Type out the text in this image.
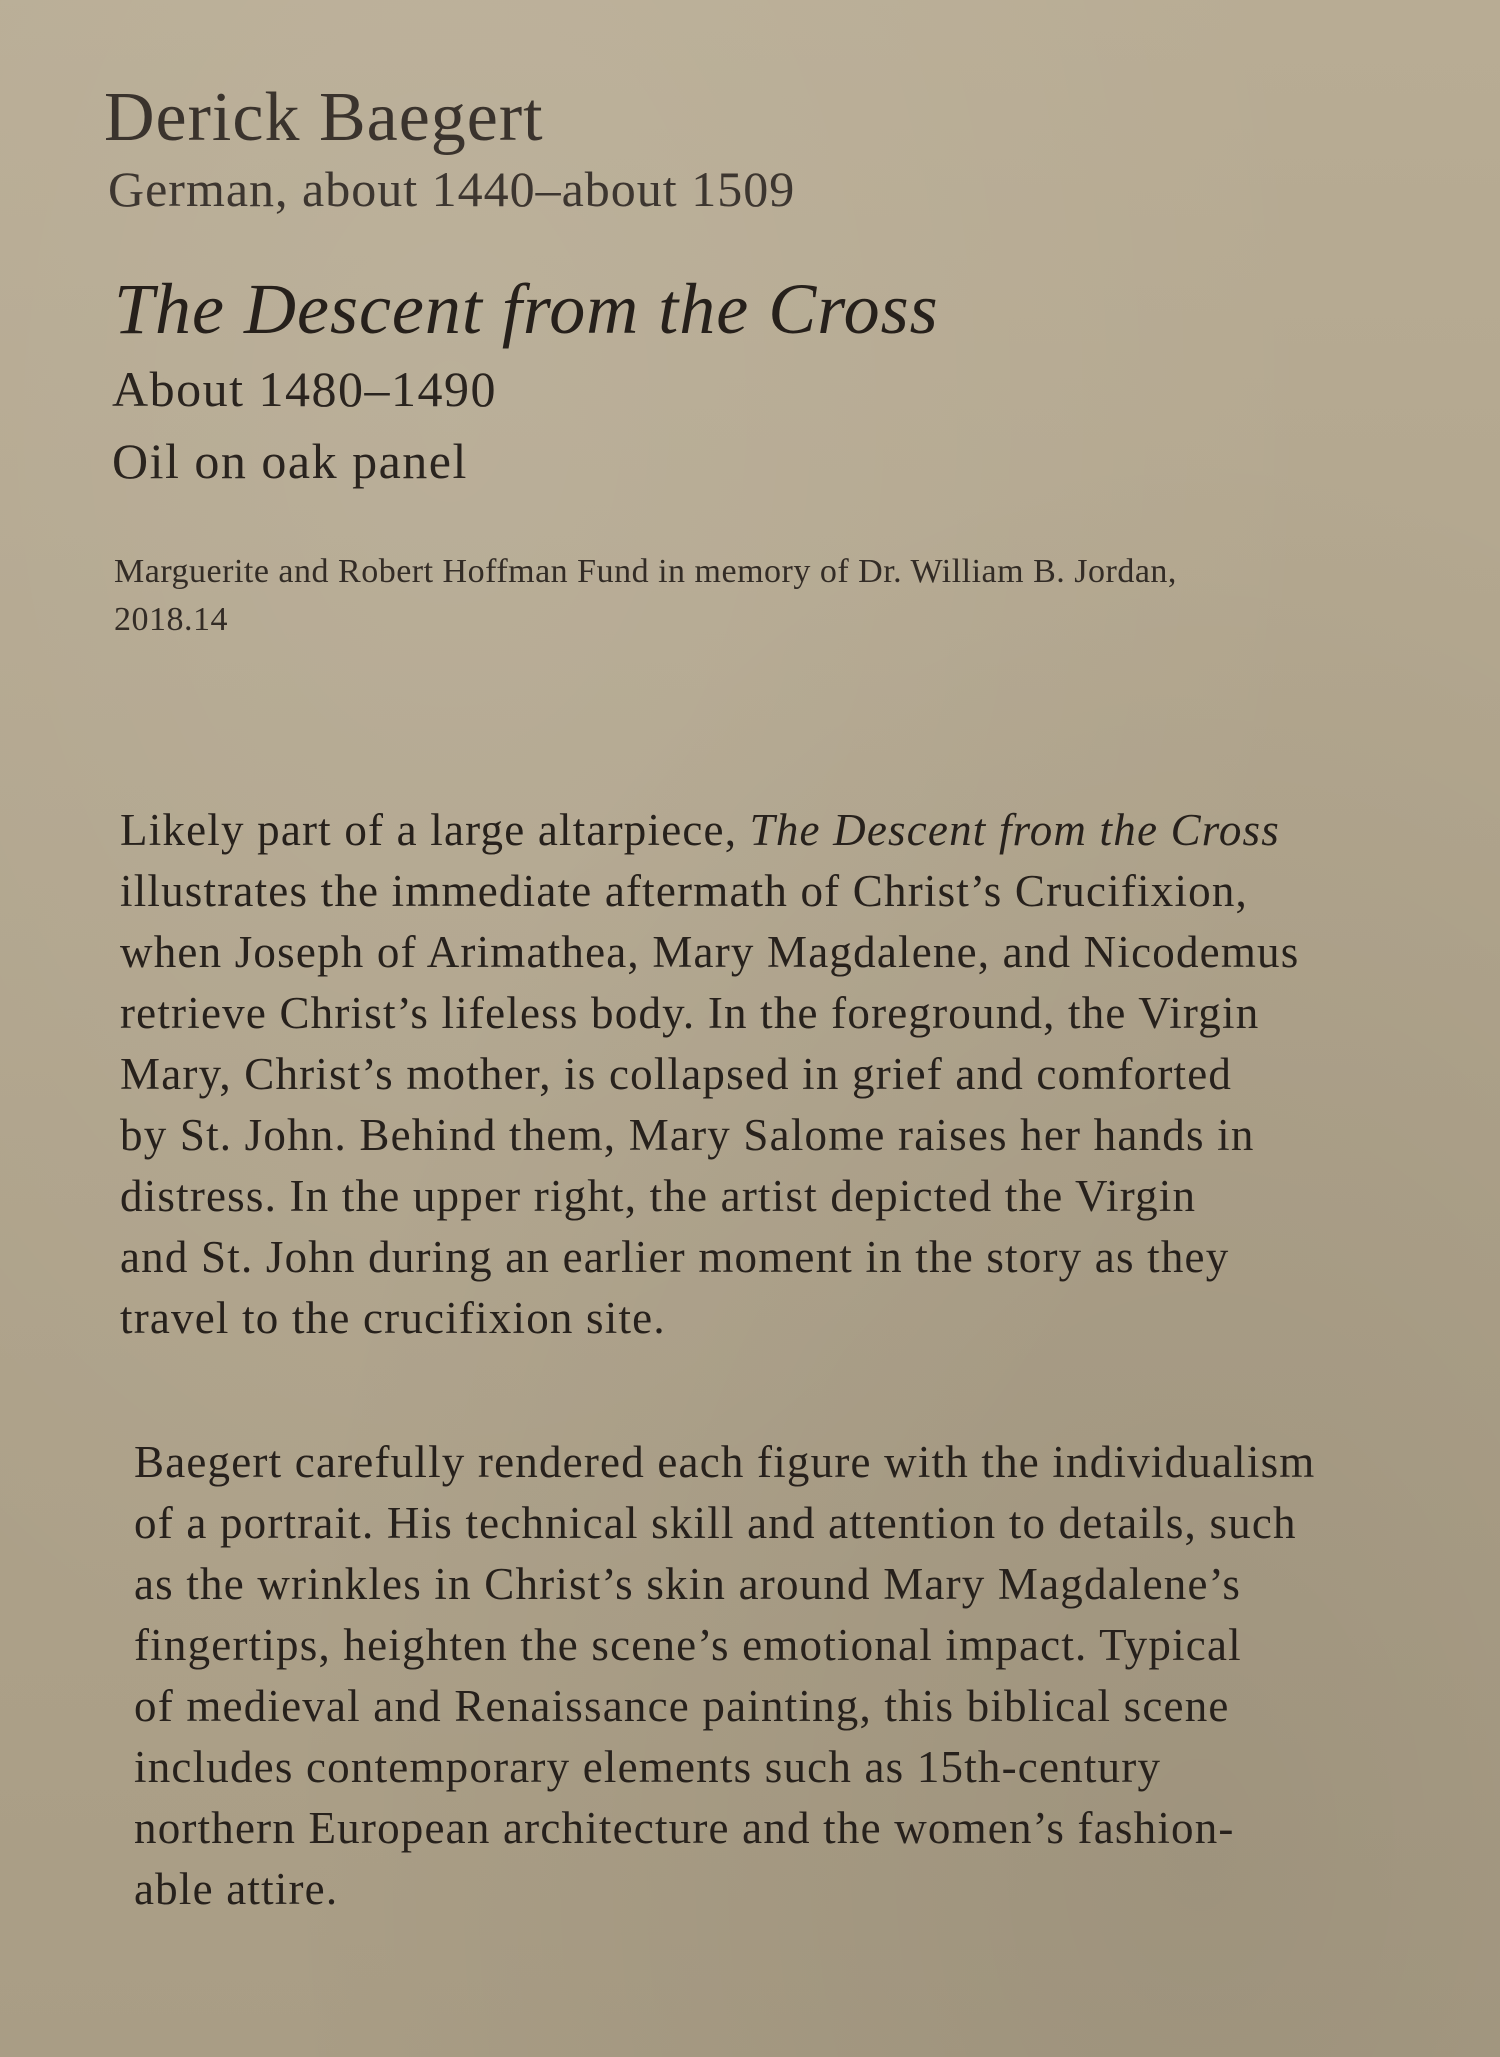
Derick Baegert
German, about 1440–about 1509
The Descent from the Cross
About 1480–1490
Oil on oak panel
Marguerite and Robert Hoffman Fund in memory of Dr. William B. Jordan,
2018.14
Likely part of a large altarpiece, The Descent from the Cross
illustrates the immediate aftermath of Christ’s Crucifixion,
when Joseph of Arimathea, Mary Magdalene, and Nicodemus
retrieve Christ’s lifeless body. In the foreground, the Virgin
Mary, Christ’s mother, is collapsed in grief and comforted
by St. John. Behind them, Mary Salome raises her hands in
distress. In the upper right, the artist depicted the Virgin
and St. John during an earlier moment in the story as they
travel to the crucifixion site.
Baegert carefully rendered each figure with the individualism
of a portrait. His technical skill and attention to details, such
as the wrinkles in Christ’s skin around Mary Magdalene’s
fingertips, heighten the scene’s emotional impact. Typical
of medieval and Renaissance painting, this biblical scene
includes contemporary elements such as 15th-century
northern European architecture and the women’s fashion-
able attire.
